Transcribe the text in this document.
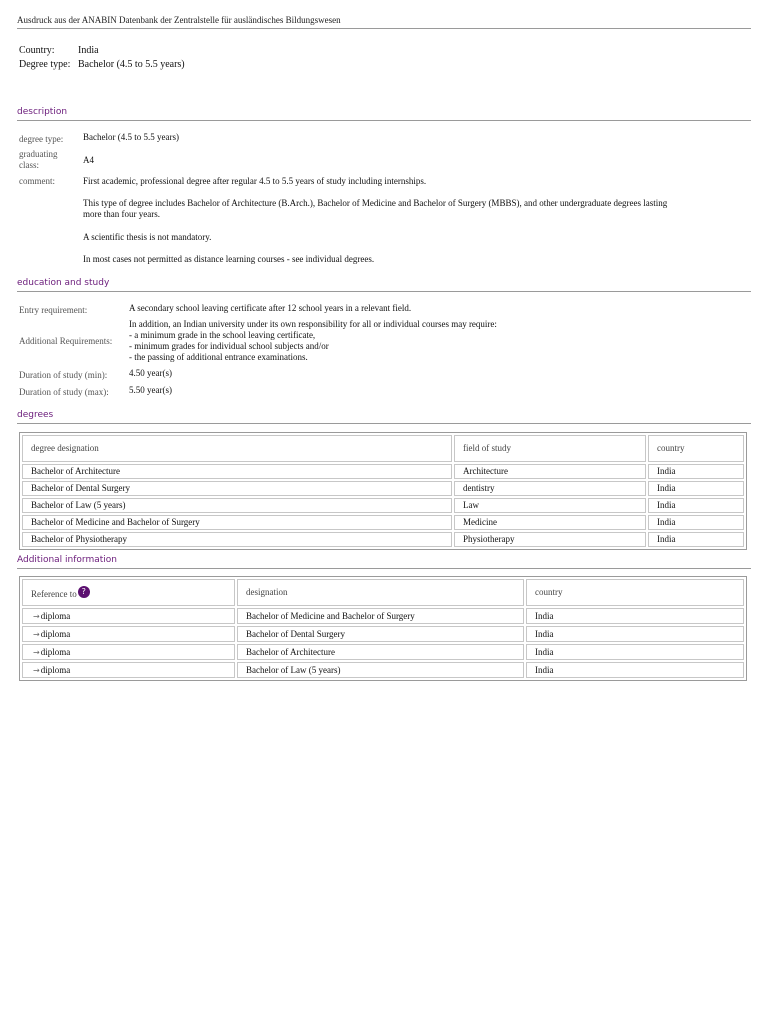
Ausdruck aus der ANABIN Datenbank der Zentralstelle für ausländisches Bildungswesen
Country:	India
Degree type: Bachelor (4.5 to 5.5 years)
description
degree type: Bachelor (4.5 to 5.5 years)
graduating
class:	A4
comment:	First academic, professional degree after regular 4.5 to 5.5 years of study including internships.
This type of degree includes Bachelor of Architecture (B.Arch.), Bachelor of Medicine and Bachelor of Surgery (MBBS), and other undergraduate degrees lasting
more than four years.
A scientific thesis is not mandatory.
In most cases not permitted as distance learning courses - see individual degrees.
education and study
Entry requirement:	A secondary school leaving certificate after 12 school years in a relevant field.
Additional Requirements:
In addition, an Indian university under its own responsibility for all or individual courses may require:
- a minimum grade in the school leaving certificate,
- minimum grades for individual school subjects and/or
- the passing of additional entrance examinations.
Duration of study (min): 4.50 year(s)
Duration of study (max): 5.50 year(s)
degrees
degree designation	field of study	country
Bachelor of Architecture	Architecture	India
Bachelor of Dental Surgery	dentistry	India
Bachelor of Law (5 years)	Law	India
Bachelor of Medicine and Bachelor of Surgery	Medicine	India
Bachelor of Physiotherapy	Physiotherapy	India
Additional information
Reference to ?	designation	country
→diploma	Bachelor of Medicine and Bachelor of Surgery	India
→diploma	Bachelor of Dental Surgery	India
→diploma	Bachelor of Architecture	India
→diploma	Bachelor of Law (5 years)	India
